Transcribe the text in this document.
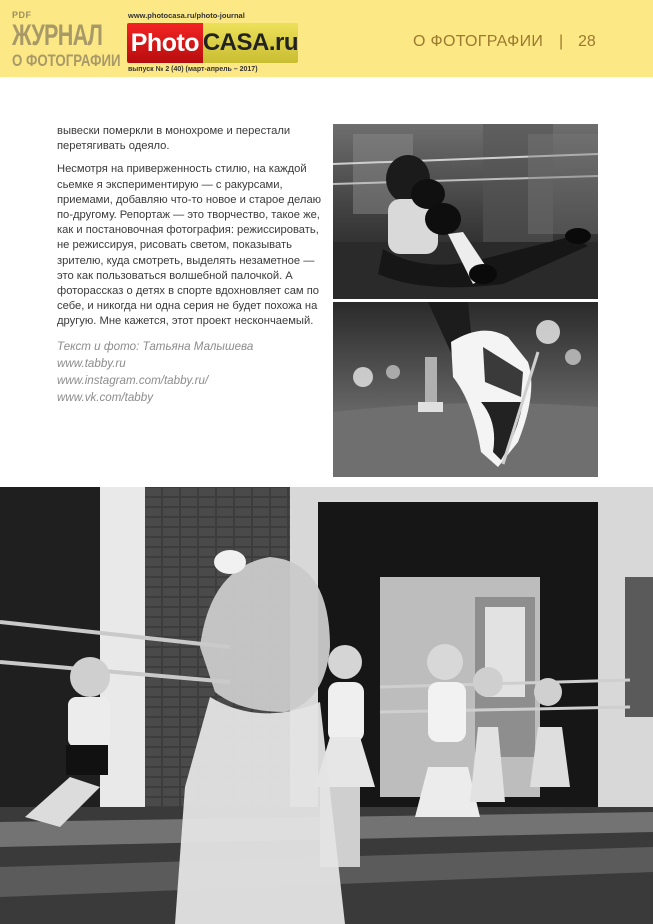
PDF
ЖУРНАЛ
О ФОТОГРАФИИ
www.photocasa.ru/photo-journal
Photo CASA.ru
выпуск № 2 (40) (март-апрель – 2017)
О ФОТОГРАФИИ | 28

вывески померкли в монохроме и перестали перетягивать одеяло.

Несмотря на приверженность стилю, на каждой сьемке я экспериментирую — с ракурсами, приемами, добавляю что-то новое и старое делаю по-другому. Репортаж — это творчество, такое же, как и постановочная фотография: режиссировать, не режиссируя, рисовать светом, показывать зрителю, куда смотреть, выделять незаметное — это как пользоваться волшебной палочкой. А фоторассказ о детях в спорте вдохновляет сам по себе, и никогда ни одна серия не будет похожа на другую. Мне кажется, этот проект нескончаемый.

Текст и фото: Татьяна Малышева

www.tabby.ru

www.instagram.com/tabby.ru/

www.vk.com/tabby
